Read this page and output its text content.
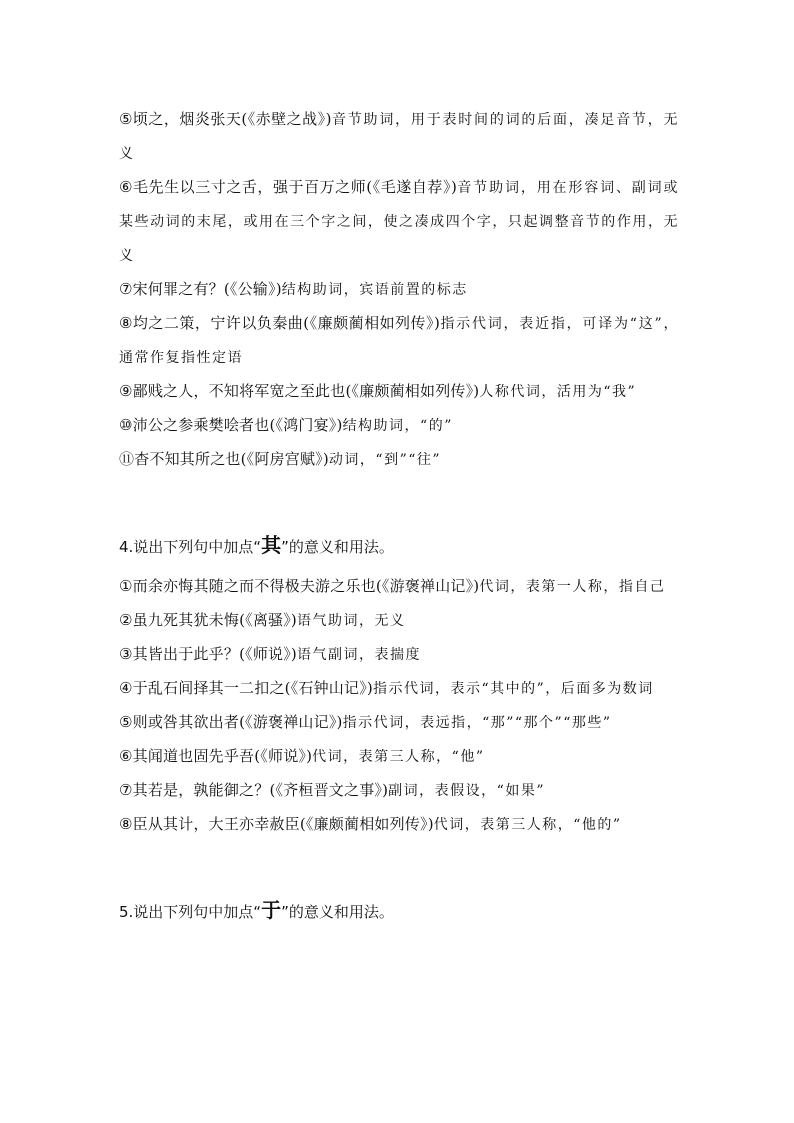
⑤顷之，烟炎张天(《赤壁之战》)音节助词，用于表时间的词的后面，凑足音节，无义
⑥毛先生以三寸之舌，强于百万之师(《毛遂自荐》)音节助词，用在形容词、副词或某些动词的末尾，或用在三个字之间，使之凑成四个字，只起调整音节的作用，无义
⑦宋何罪之有？(《公输》)结构助词，宾语前置的标志
⑧均之二策，宁许以负秦曲(《廉颇蔺相如列传》)指示代词，表近指，可译为“这”，通常作复指性定语
⑨鄙贱之人，不知将军宽之至此也(《廉颇蔺相如列传》)人称代词，活用为“我”
⑩沛公之参乘樊哙者也(《鸿门宴》)结构助词，“的”
⑪杳不知其所之也(《阿房宫赋》)动词，“到”“往”
4.说出下列句中加点“其”的意义和用法。
①而余亦悔其随之而不得极夫游之乐也(《游褒禅山记》)代词，表第一人称，指自己
②虽九死其犹未悔(《离骚》)语气助词，无义
③其皆出于此乎？(《师说》)语气副词，表揣度
④于乱石间择其一二扣之(《石钟山记》)指示代词，表示“其中的”，后面多为数词
⑤则或咎其欲出者(《游褒禅山记》)指示代词，表远指，“那”“那个”“那些”
⑥其闻道也固先乎吾(《师说》)代词，表第三人称，“他”
⑦其若是，孰能御之？(《齐桓晋文之事》)副词，表假设，“如果”
⑧臣从其计，大王亦幸赦臣(《廉颇蔺相如列传》)代词，表第三人称，“他的”
5.说出下列句中加点“于”的意义和用法。
